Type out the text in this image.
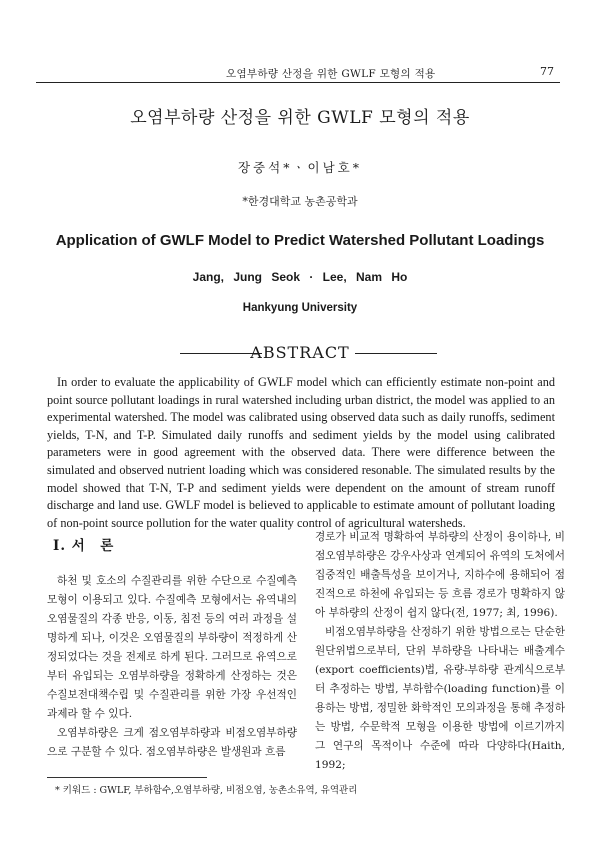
오염부하량 산정을 위한 GWLF 모형의 적용	77
오염부하량 산정을 위한 GWLF 모형의 적용
장중석*ㆍ이남호*
*한경대학교 농촌공학과
Application of GWLF Model to Predict Watershed Pollutant Loadings
Jang, Jung Seok · Lee, Nam Ho
Hankyung University
ABSTRACT
In order to evaluate the applicability of GWLF model which can efficiently estimate non-point and point source pollutant loadings in rural watershed including urban district, the model was applied to an experimental watershed. The model was calibrated using observed data such as daily runoffs, sediment yields, T-N, and T-P. Simulated daily runoffs and sediment yields by the model using calibrated parameters were in good agreement with the observed data. There were difference between the simulated and observed nutrient loading which was considered resonable. The simulated results by the model showed that T-N, T-P and sediment yields were dependent on the amount of stream runoff discharge and land use. GWLF model is believed to applicable to estimate amount of pollutant loading of non-point source pollution for the water quality control of agricultural watersheds.
Ⅰ. 서　론

하천 및 호소의 수질관리를 위한 수단으로 수질예측 모형이 이용되고 있다. 수질예측 모형에서는 유역내의 오염물질의 각종 반응, 이동, 침전 등의 여러 과정을 설명하게 되나, 이것은 오염물질의 부하량이 적정하게 산정되었다는 것을 전제로 하게 된다. 그러므로 유역으로부터 유입되는 오염부하량을 정확하게 산정하는 것은 수질보전대책수립 및 수질관리를 위한 가장 우선적인 과제라 할 수 있다.

오염부하량은 크게 점오염부하량과 비점오염부하량으로 구분할 수 있다. 점오염부하량은 발생원과 흐름

경로가 비교적 명확하여 부하량의 산정이 용이하나, 비점오염부하량은 강우사상과 연계되어 유역의 도처에서 집중적인 배출특성을 보이거나, 지하수에 용해되어 점진적으로 하천에 유입되는 등 흐름 경로가 명확하지 않아 부하량의 산정이 쉽지 않다(전, 1977; 최, 1996).

비점오염부하량을 산정하기 위한 방법으로는 단순한 원단위법으로부터, 단위 부하량을 나타내는 배출계수(export coefficients)법, 유량-부하량 관계식으로부터 추정하는 방법, 부하함수(loading function)를 이용하는 방법, 정밀한 화학적인 모의과정을 통해 추정하는 방법, 수문학적 모형을 이용한 방법에 이르기까지 그 연구의 목적이나 수준에 따라 다양하다(Haith, 1992;

* 키워드 : GWLF, 부하함수,오염부하량, 비점오염, 농촌소유역, 유역관리
